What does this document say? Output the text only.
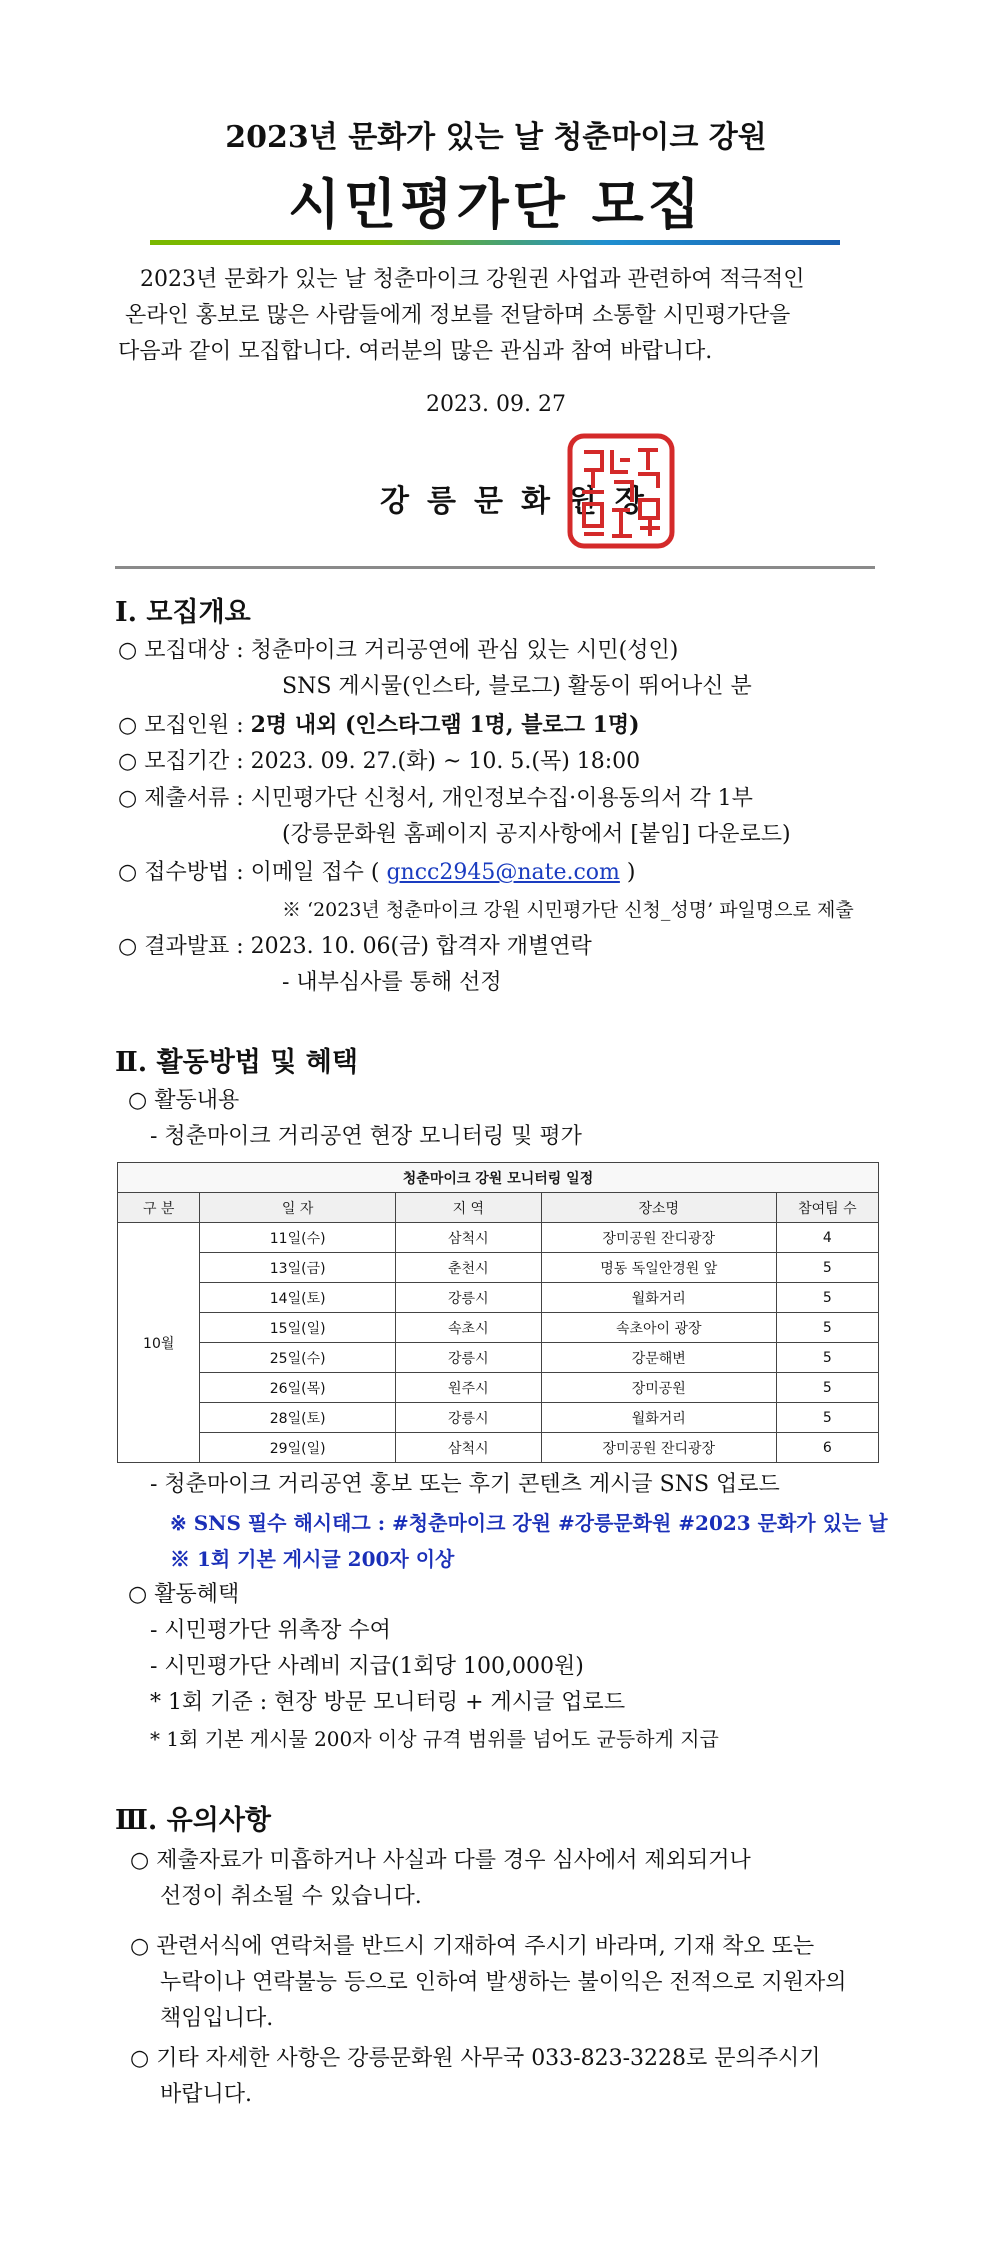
2023년 문화가 있는 날 청춘마이크 강원
시민평가단 모집
2023년 문화가 있는 날 청춘마이크 강원권 사업과 관련하여 적극적인
온라인 홍보로 많은 사람들에게 정보를 전달하며 소통할 시민평가단을
다음과 같이 모집합니다. 여러분의 많은 관심과 참여 바랍니다.
2023. 09. 27
강릉문화원장
Ⅰ. 모집개요
○ 모집대상 : 청춘마이크 거리공연에 관심 있는 시민(성인)
SNS 게시물(인스타, 블로그) 활동이 뛰어나신 분
○ 모집인원 : 2명 내외 (인스타그램 1명, 블로그 1명)
○ 모집기간 : 2023. 09. 27.(화) ~ 10. 5.(목) 18:00
○ 제출서류 : 시민평가단 신청서, 개인정보수집·이용동의서 각 1부
(강릉문화원 홈페이지 공지사항에서 [붙임] 다운로드)
○ 접수방법 : 이메일 접수 ( gncc2945@nate.com )
※ ‘2023년 청춘마이크 강원 시민평가단 신청_성명’ 파일명으로 제출
○ 결과발표 : 2023. 10. 06(금) 합격자 개별연락
- 내부심사를 통해 선정
Ⅱ. 활동방법 및 혜택
○ 활동내용
- 청춘마이크 거리공연 현장 모니터링 및 평가
청춘마이크 강원 모니터링 일정				
구 분	일 자	지 역	장소명	참여팀 수
10월	11일(수)	삼척시	장미공원 잔디광장	4
	13일(금)	춘천시	명동 독일안경원 앞	5
	14일(토)	강릉시	월화거리	5
	15일(일)	속초시	속초아이 광장	5
	25일(수)	강릉시	강문해변	5
	26일(목)	원주시	장미공원	5
	28일(토)	강릉시	월화거리	5
	29일(일)	삼척시	장미공원 잔디광장	6
- 청춘마이크 거리공연 홍보 또는 후기 콘텐츠 게시글 SNS 업로드
※ SNS 필수 해시태그 : #청춘마이크 강원 #강릉문화원 #2023 문화가 있는 날
※ 1회 기본 게시글 200자 이상
○ 활동혜택
- 시민평가단 위촉장 수여
- 시민평가단 사례비 지급(1회당 100,000원)
* 1회 기준 : 현장 방문 모니터링 + 게시글 업로드
* 1회 기본 게시물 200자 이상 규격 범위를 넘어도 균등하게 지급
Ⅲ. 유의사항
○ 제출자료가 미흡하거나 사실과 다를 경우 심사에서 제외되거나
선정이 취소될 수 있습니다.
○ 관련서식에 연락처를 반드시 기재하여 주시기 바라며, 기재 착오 또는
누락이나 연락불능 등으로 인하여 발생하는 불이익은 전적으로 지원자의
책임입니다.
○ 기타 자세한 사항은 강릉문화원 사무국 033-823-3228로 문의주시기
바랍니다.
